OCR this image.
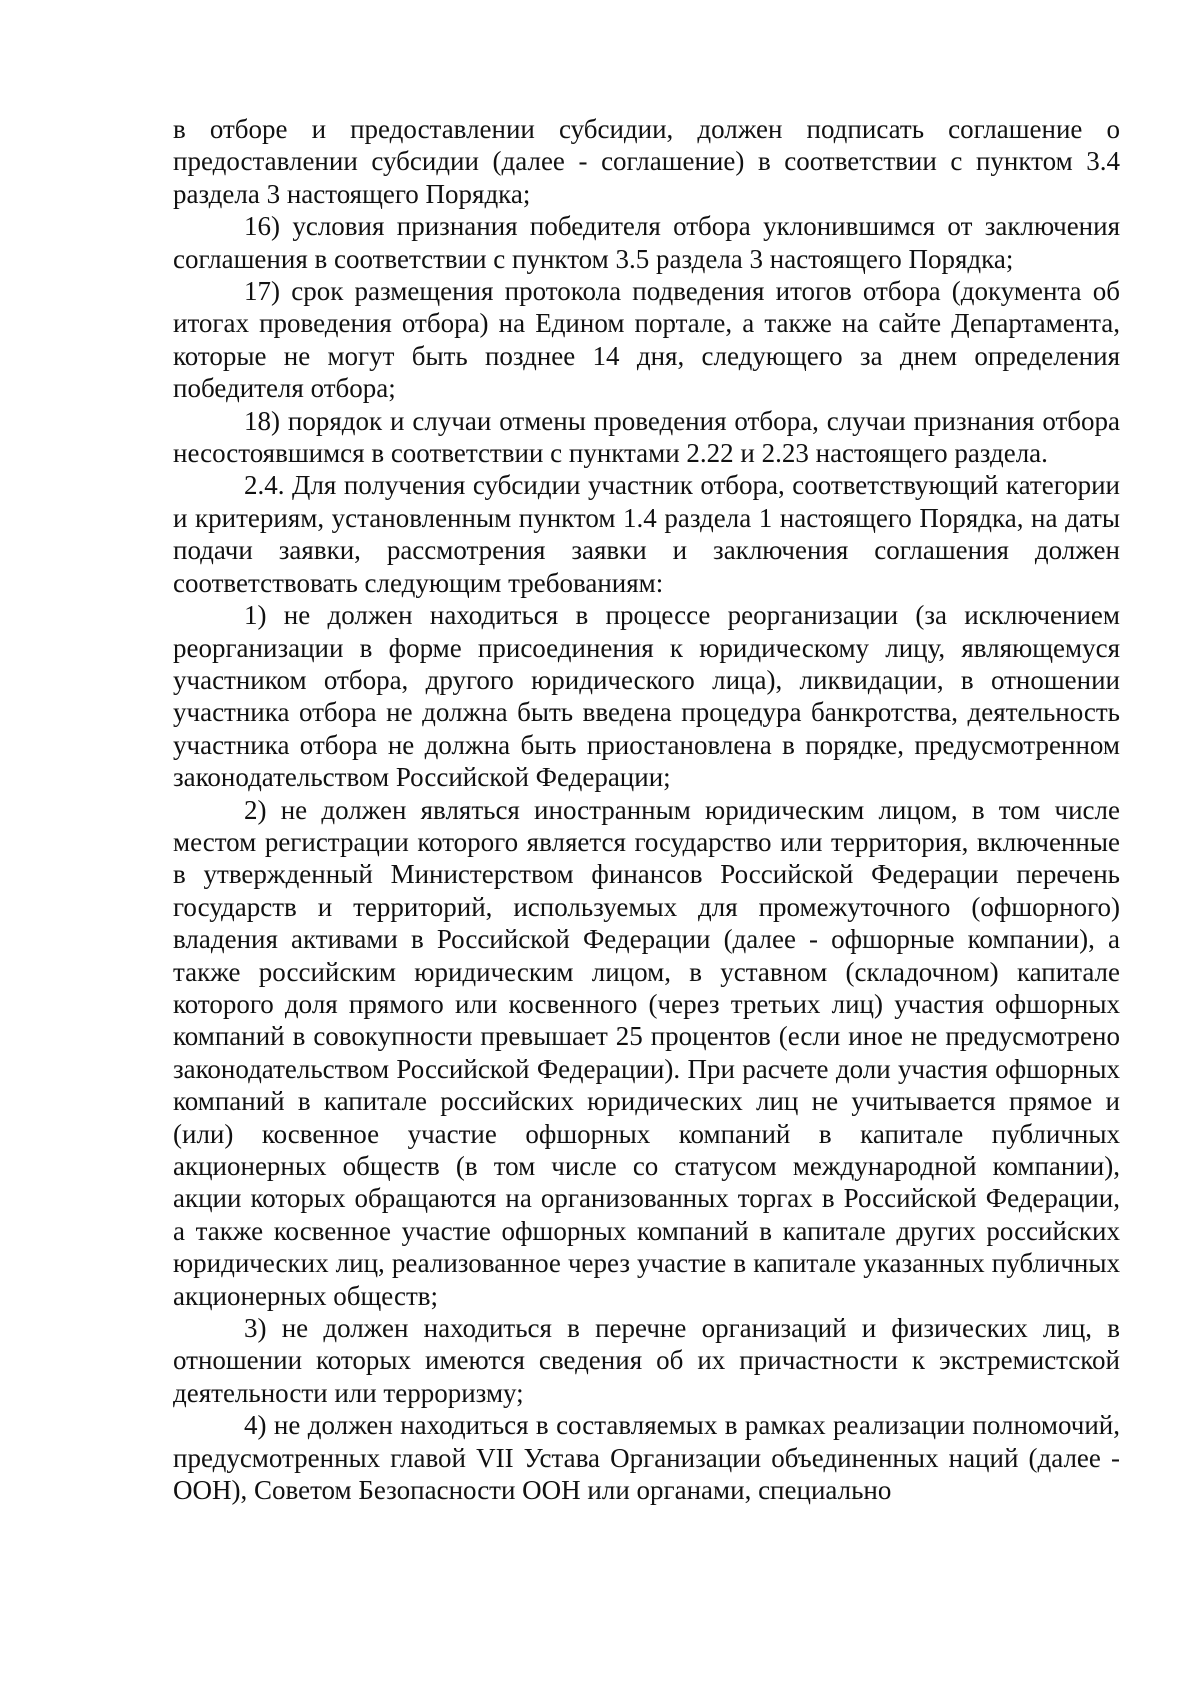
в отборе и предоставлении субсидии, должен подписать соглашение о предоставлении субсидии (далее - соглашение) в соответствии с пунктом 3.4 раздела 3 настоящего Порядка;

16) условия признания победителя отбора уклонившимся от заключения соглашения в соответствии с пунктом 3.5 раздела 3 настоящего Порядка;

17) срок размещения протокола подведения итогов отбора (документа об итогах проведения отбора) на Едином портале, а также на сайте Департамента, которые не могут быть позднее 14 дня, следующего за днем определения победителя отбора;

18) порядок и случаи отмены проведения отбора, случаи признания отбора несостоявшимся в соответствии с пунктами 2.22 и 2.23 настоящего раздела.

2.4. Для получения субсидии участник отбора, соответствующий категории и критериям, установленным пунктом 1.4 раздела 1 настоящего Порядка, на даты подачи заявки, рассмотрения заявки и заключения соглашения должен соответствовать следующим требованиям:

1) не должен находиться в процессе реорганизации (за исключением реорганизации в форме присоединения к юридическому лицу, являющемуся участником отбора, другого юридического лица), ликвидации, в отношении участника отбора не должна быть введена процедура банкротства, деятельность участника отбора не должна быть приостановлена в порядке, предусмотренном законодательством Российской Федерации;

2) не должен являться иностранным юридическим лицом, в том числе местом регистрации которого является государство или территория, включенные в утвержденный Министерством финансов Российской Федерации перечень государств и территорий, используемых для промежуточного (офшорного) владения активами в Российской Федерации (далее - офшорные компании), а также российским юридическим лицом, в уставном (складочном) капитале которого доля прямого или косвенного (через третьих лиц) участия офшорных компаний в совокупности превышает 25 процентов (если иное не предусмотрено законодательством Российской Федерации). При расчете доли участия офшорных компаний в капитале российских юридических лиц не учитывается прямое и (или) косвенное участие офшорных компаний в капитале публичных акционерных обществ (в том числе со статусом международной компании), акции которых обращаются на организованных торгах в Российской Федерации, а также косвенное участие офшорных компаний в капитале других российских юридических лиц, реализованное через участие в капитале указанных публичных акционерных обществ;

3) не должен находиться в перечне организаций и физических лиц, в отношении которых имеются сведения об их причастности к экстремистской деятельности или терроризму;

4) не должен находиться в составляемых в рамках реализации полномочий, предусмотренных главой VII Устава Организации объединенных наций (далее - ООН), Советом Безопасности ООН или органами, специально
